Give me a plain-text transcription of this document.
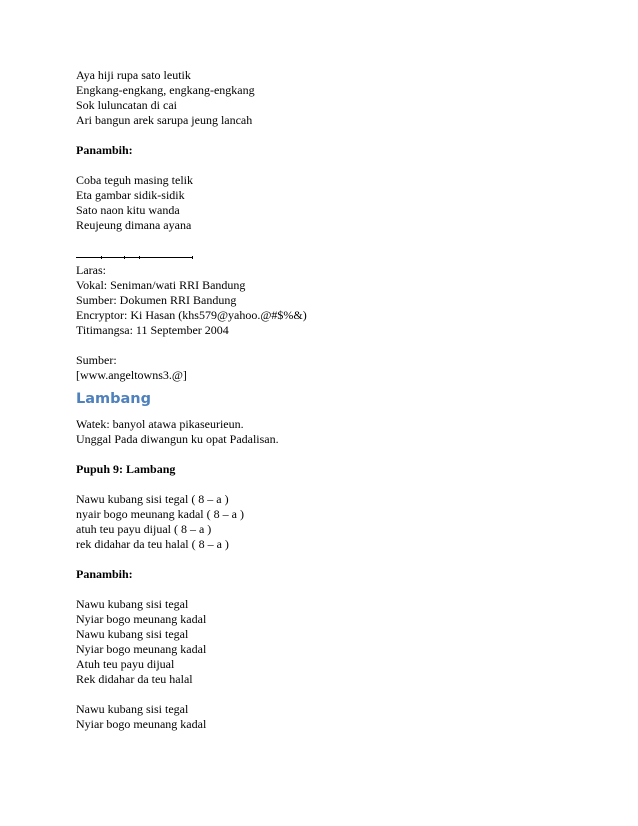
Aya hiji rupa sato leutik

Engkang-engkang, engkang-engkang

Sok luluncatan di cai

Ari bangun arek sarupa jeung lancah

Panambih:

Coba teguh masing telik

Eta gambar sidik-sidik

Sato naon kitu wanda

Reujeung dimana ayana

Laras:

Vokal: Seniman/wati RRI Bandung

Sumber: Dokumen RRI Bandung

Encryptor: Ki Hasan (khs579@yahoo.@#$%&)

Titimangsa: 11 September 2004

Sumber:

[www.angeltowns3.@]

Lambang

Watek: banyol atawa pikaseurieun.

Unggal Pada diwangun ku opat Padalisan.

Pupuh 9: Lambang

Nawu kubang sisi tegal ( 8 – a )

nyair bogo meunang kadal ( 8 – a )

atuh teu payu dijual ( 8 – a )

rek didahar da teu halal ( 8 – a )

Panambih:

Nawu kubang sisi tegal

Nyiar bogo meunang kadal

Nawu kubang sisi tegal

Nyiar bogo meunang kadal

Atuh teu payu dijual

Rek didahar da teu halal

Nawu kubang sisi tegal

Nyiar bogo meunang kadal
